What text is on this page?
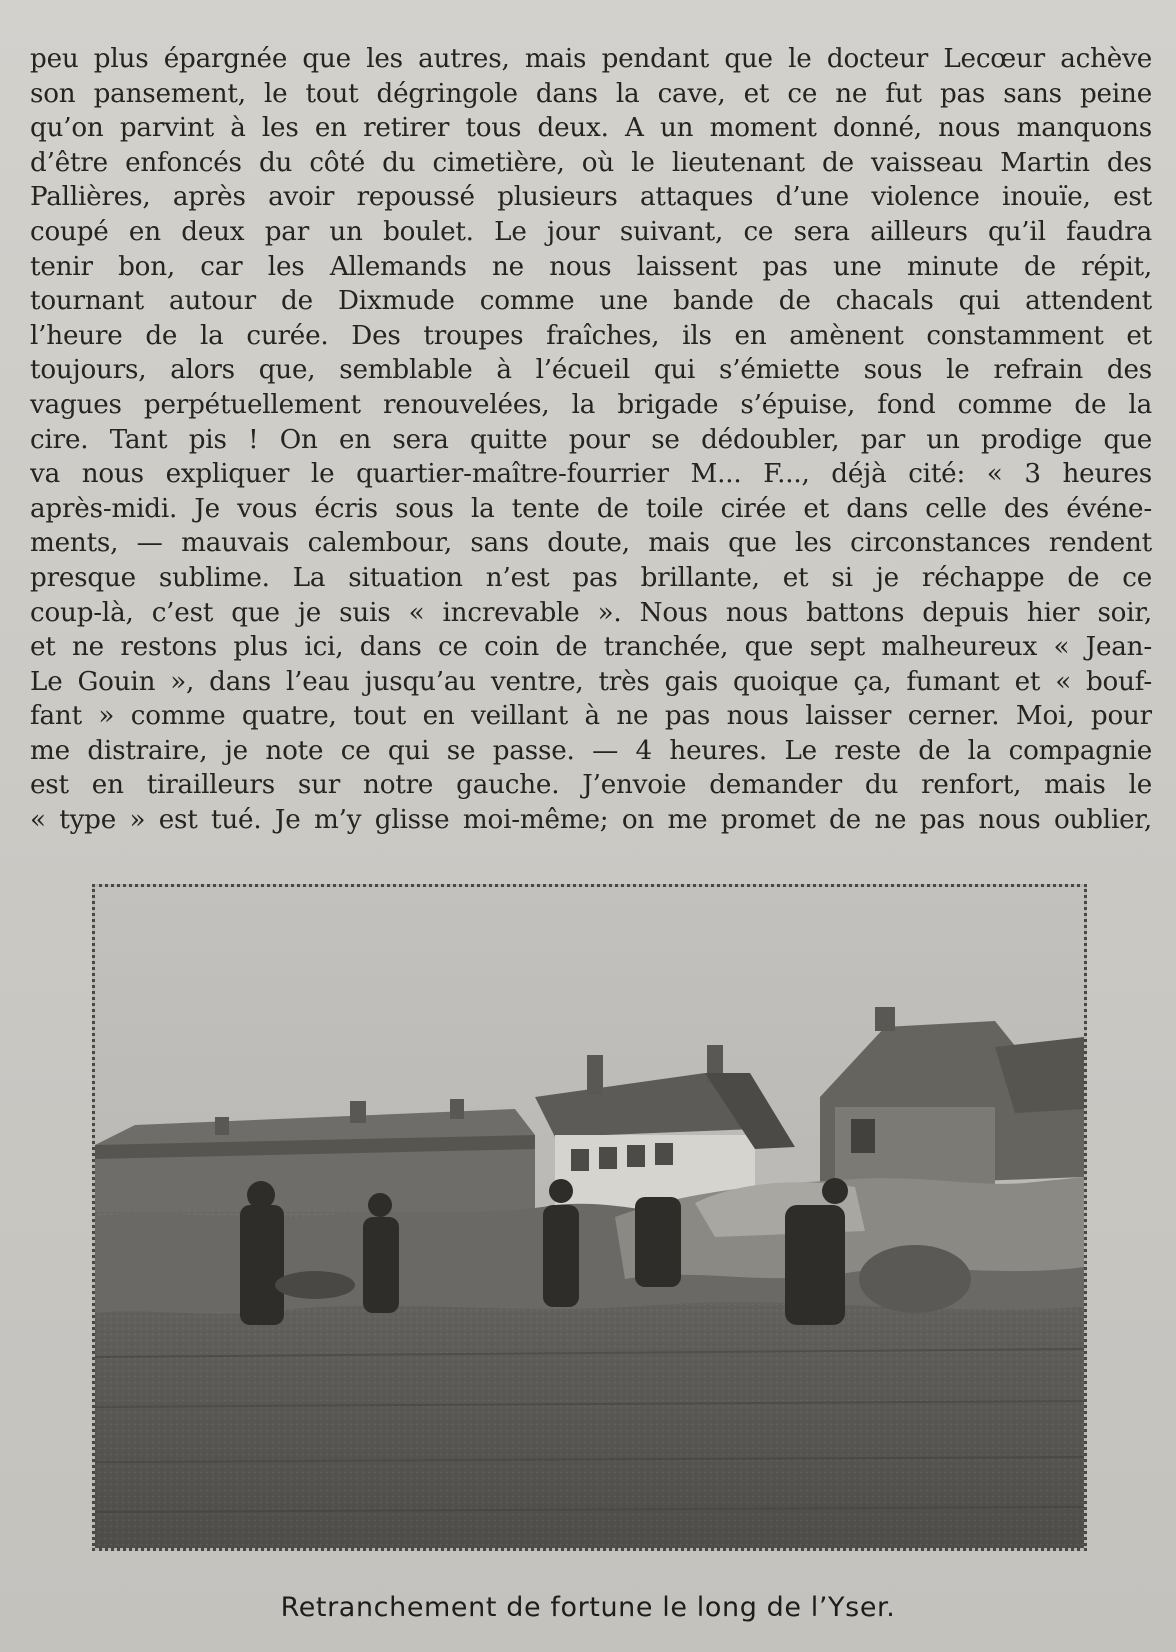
peu plus épargnée que les autres, mais pendant que le docteur Lecœur achève
son pansement, le tout dégringole dans la cave, et ce ne fut pas sans peine
qu’on parvint à les en retirer tous deux. A un moment donné, nous manquons
d’être enfoncés du côté du cimetière, où le lieutenant de vaisseau Martin des
Pallières, après avoir repoussé plusieurs attaques d’une violence inouïe, est
coupé en deux par un boulet. Le jour suivant, ce sera ailleurs qu’il faudra
tenir bon, car les Allemands ne nous laissent pas une minute de répit,
tournant autour de Dixmude comme une bande de chacals qui attendent
l’heure de la curée. Des troupes fraîches, ils en amènent constamment et
toujours, alors que, semblable à l’écueil qui s’émiette sous le refrain des
vagues perpétuellement renouvelées, la brigade s’épuise, fond comme de la
cire. Tant pis ! On en sera quitte pour se dédoubler, par un prodige que
va nous expliquer le quartier-maître-fourrier M... F..., déjà cité: « 3 heures
après-midi. Je vous écris sous la tente de toile cirée et dans celle des événe-
ments, — mauvais calembour, sans doute, mais que les circonstances rendent
presque sublime. La situation n’est pas brillante, et si je réchappe de ce
coup-là, c’est que je suis « increvable ». Nous nous battons depuis hier soir,
et ne restons plus ici, dans ce coin de tranchée, que sept malheureux « Jean-
Le Gouin », dans l’eau jusqu’au ventre, très gais quoique ça, fumant et « bouf-
fant » comme quatre, tout en veillant à ne pas nous laisser cerner. Moi, pour
me distraire, je note ce qui se passe. — 4 heures. Le reste de la compagnie
est en tirailleurs sur notre gauche. J’envoie demander du renfort, mais le
« type » est tué. Je m’y glisse moi-même; on me promet de ne pas nous oublier,
Retranchement de fortune le long de l’Yser.
